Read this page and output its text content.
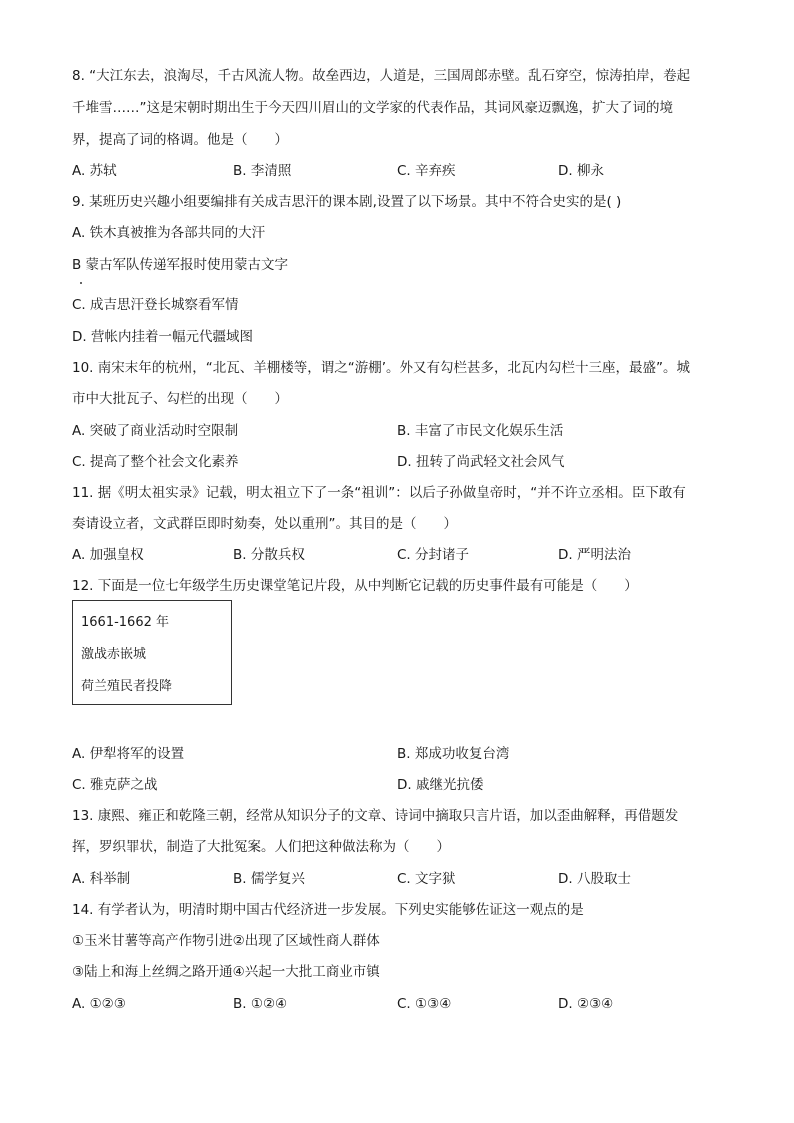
8. “大江东去，浪淘尽，千古风流人物。故垒西边，人道是，三国周郎赤壁。乱石穿空，惊涛拍岸，卷起
千堆雪……”这是宋朝时期出生于今天四川眉山的文学家的代表作品，其词风豪迈飘逸，扩大了词的境
界，提高了词的格调。他是（　　）
A. 苏轼	B. 李清照	C. 辛弃疾	D. 柳永
9. 某班历史兴趣小组要编排有关成吉思汗的课本剧,设置了以下场景。其中不符合史实的是( )
A. 铁木真被推为各部共同的大汗
B 蒙古军队传递军报时使用蒙古文字
C. 成吉思汗登长城察看军情
D. 营帐内挂着一幅元代疆域图
10. 南宋末年的杭州，“北瓦、羊棚楼等，谓之“游棚’。外又有勾栏甚多，北瓦内勾栏十三座，最盛”。城
市中大批瓦子、勾栏的出现（　　）
A. 突破了商业活动时空限制	B. 丰富了市民文化娱乐生活
C. 提高了整个社会文化素养	D. 扭转了尚武轻文社会风气
11. 据《明太祖实录》记载，明太祖立下了一条“祖训”：以后子孙做皇帝时，“并不许立丞相。臣下敢有
奏请设立者，文武群臣即时劾奏，处以重刑”。其目的是（　　）
A. 加强皇权	B. 分散兵权	C. 分封诸子	D. 严明法治
12. 下面是一位七年级学生历史课堂笔记片段，从中判断它记载的历史事件最有可能是（　　）
1661-1662 年
激战赤嵌城
荷兰殖民者投降
A. 伊犁将军的设置	B. 郑成功收复台湾
C. 雅克萨之战	D. 戚继光抗倭
13. 康熙、雍正和乾隆三朝，经常从知识分子的文章、诗词中摘取只言片语，加以歪曲解释，再借题发
挥，罗织罪状，制造了大批冤案。人们把这种做法称为（　　）
A. 科举制	B. 儒学复兴	C. 文字狱	D. 八股取士
14. 有学者认为，明清时期中国古代经济进一步发展。下列史实能够佐证这一观点的是
①玉米甘薯等高产作物引进②出现了区域性商人群体
③陆上和海上丝绸之路开通④兴起一大批工商业市镇
A. ①②③	B. ①②④	C. ①③④	D. ②③④
